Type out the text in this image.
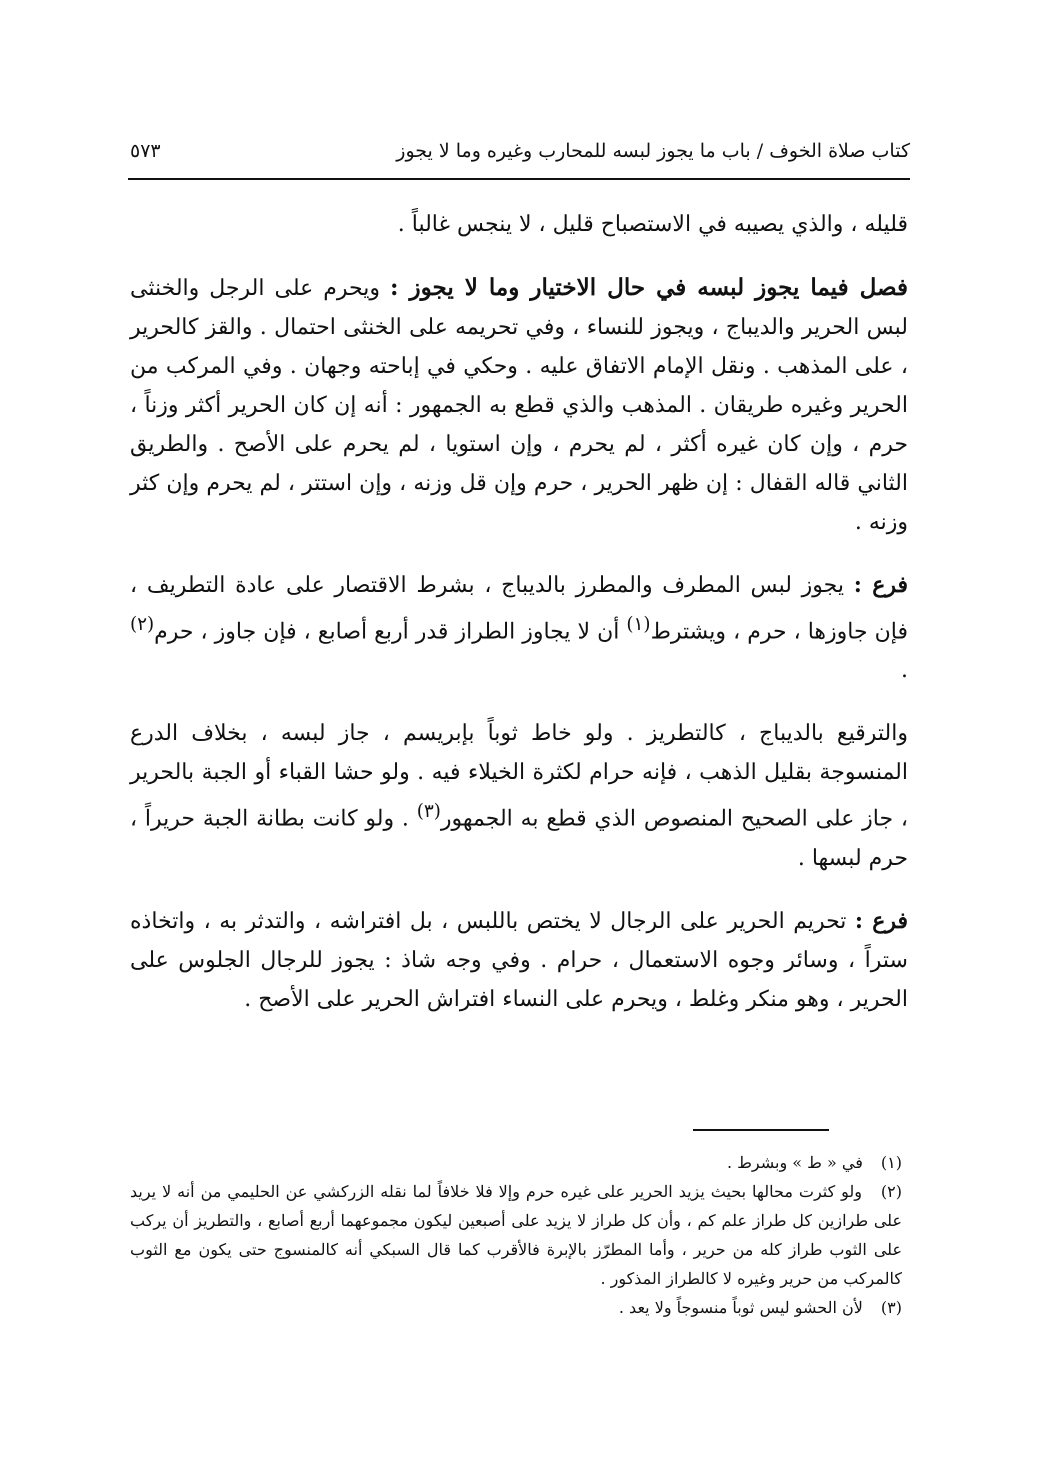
كتاب صلاة الخوف / باب ما يجوز لبسه للمحارب وغيره وما لا يجوز
٥٧٣

قليله ، والذي يصيبه في الاستصباح قليل ، لا ينجس غالباً .

فصل فيما يجوز لبسه في حال الاختيار وما لا يجوز : ويحرم على الرجل والخنثى لبس الحرير والديباج ، ويجوز للنساء ، وفي تحريمه على الخنثى احتمال . والقز كالحرير ، على المذهب . ونقل الإمام الاتفاق عليه . وحكي في إباحته وجهان . وفي المركب من الحرير وغيره طريقان . المذهب والذي قطع به الجمهور : أنه إن كان الحرير أكثر وزناً ، حرم ، وإن كان غيره أكثر ، لم يحرم ، وإن استويا ، لم يحرم على الأصح . والطريق الثاني قاله القفال : إن ظهر الحرير ، حرم وإن قل وزنه ، وإن استتر ، لم يحرم وإن كثر وزنه .

فرع : يجوز لبس المطرف والمطرز بالديباج ، بشرط الاقتصار على عادة التطريف ، فإن جاوزها ، حرم ، ويشترط$^{(١)}$ أن لا يجاوز الطراز قدر أربع أصابع ، فإن جاوز ، حرم$^{(٢)}$ .

والترقيع بالديباج ، كالتطريز . ولو خاط ثوباً بإبريسم ، جاز لبسه ، بخلاف الدرع المنسوجة بقليل الذهب ، فإنه حرام لكثرة الخيلاء فيه . ولو حشا القباء أو الجبة بالحرير ، جاز على الصحيح المنصوص الذي قطع به الجمهور$^{(٣)}$ . ولو كانت بطانة الجبة حريراً ، حرم لبسها .

فرع : تحريم الحرير على الرجال لا يختص باللبس ، بل افتراشه ، والتدثر به ، واتخاذه ستراً ، وسائر وجوه الاستعمال ، حرام . وفي وجه شاذ : يجوز للرجال الجلوس على الحرير ، وهو منكر وغلط ، ويحرم على النساء افتراش الحرير على الأصح .

(١) في « ط » وبشرط .

(٢) ولو كثرت محالها بحيث يزيد الحرير على غيره حرم وإلا فلا خلافاً لما نقله الزركشي عن الحليمي من أنه لا يريد على طرازين كل طراز علم كم ، وأن كل طراز لا يزيد على أصبعين ليكون مجموعهما أربع أصابع ، والتطريز أن يركب على الثوب طراز كله من حرير ، وأما المطرّز بالإبرة فالأقرب كما قال السبكي أنه كالمنسوج حتى يكون مع الثوب كالمركب من حرير وغيره لا كالطراز المذكور .

(٣) لأن الحشو ليس ثوباً منسوجاً ولا يعد .
